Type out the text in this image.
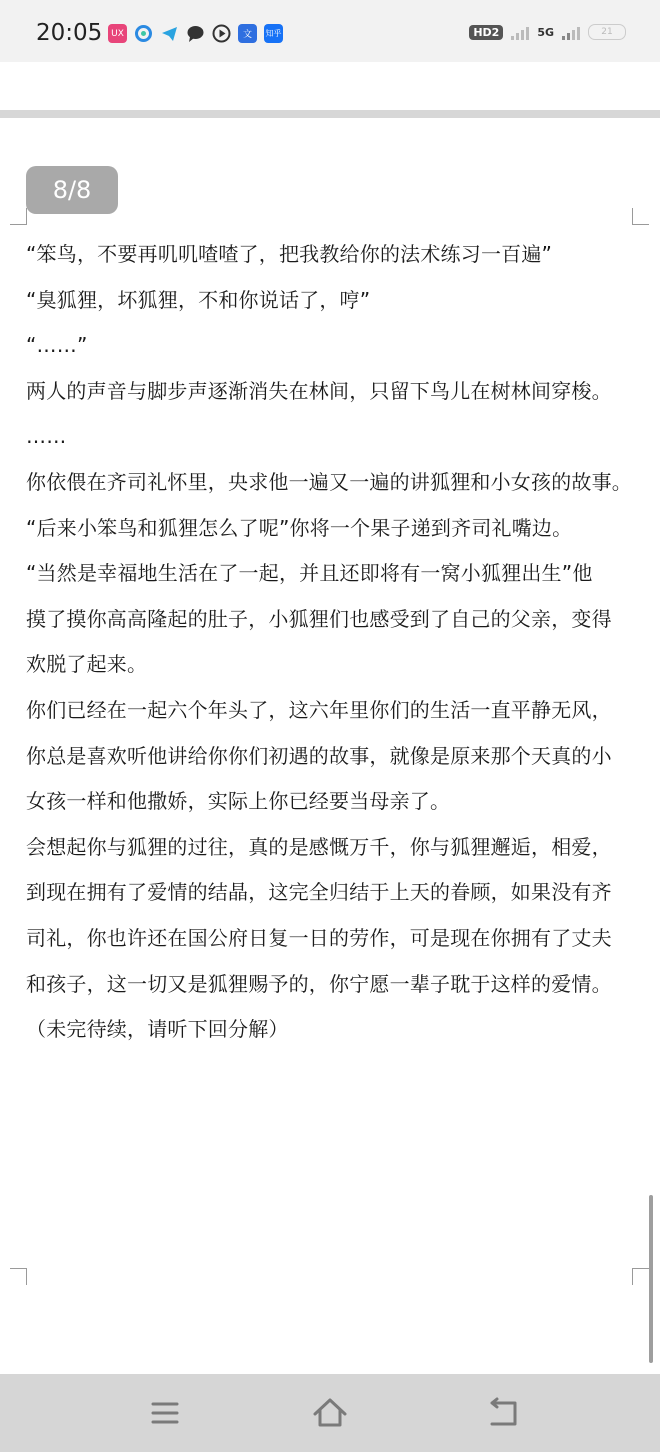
20:05 UX	文	知乎	HD2	5G	21
8/8

“笨鸟，不要再叽叽喳喳了，把我教给你的法术练习一百遍”

“臭狐狸，坏狐狸，不和你说话了，哼”

“……”

两人的声音与脚步声逐渐消失在林间，只留下鸟儿在树林间穿梭。

……

你依偎在齐司礼怀里，央求他一遍又一遍的讲狐狸和小女孩的故事。

“后来小笨鸟和狐狸怎么了呢”你将一个果子递到齐司礼嘴边。

“当然是幸福地生活在了一起，并且还即将有一窝小狐狸出生”他

摸了摸你高高隆起的肚子，小狐狸们也感受到了自己的父亲，变得

欢脱了起来。

你们已经在一起六个年头了，这六年里你们的生活一直平静无风，

你总是喜欢听他讲给你你们初遇的故事，就像是原来那个天真的小

女孩一样和他撒娇，实际上你已经要当母亲了。

会想起你与狐狸的过往，真的是感慨万千，你与狐狸邂逅，相爱，

到现在拥有了爱情的结晶，这完全归结于上天的眷顾，如果没有齐

司礼，你也许还在国公府日复一日的劳作，可是现在你拥有了丈夫

和孩子，这一切又是狐狸赐予的，你宁愿一辈子耽于这样的爱情。

（未完待续，请听下回分解）
